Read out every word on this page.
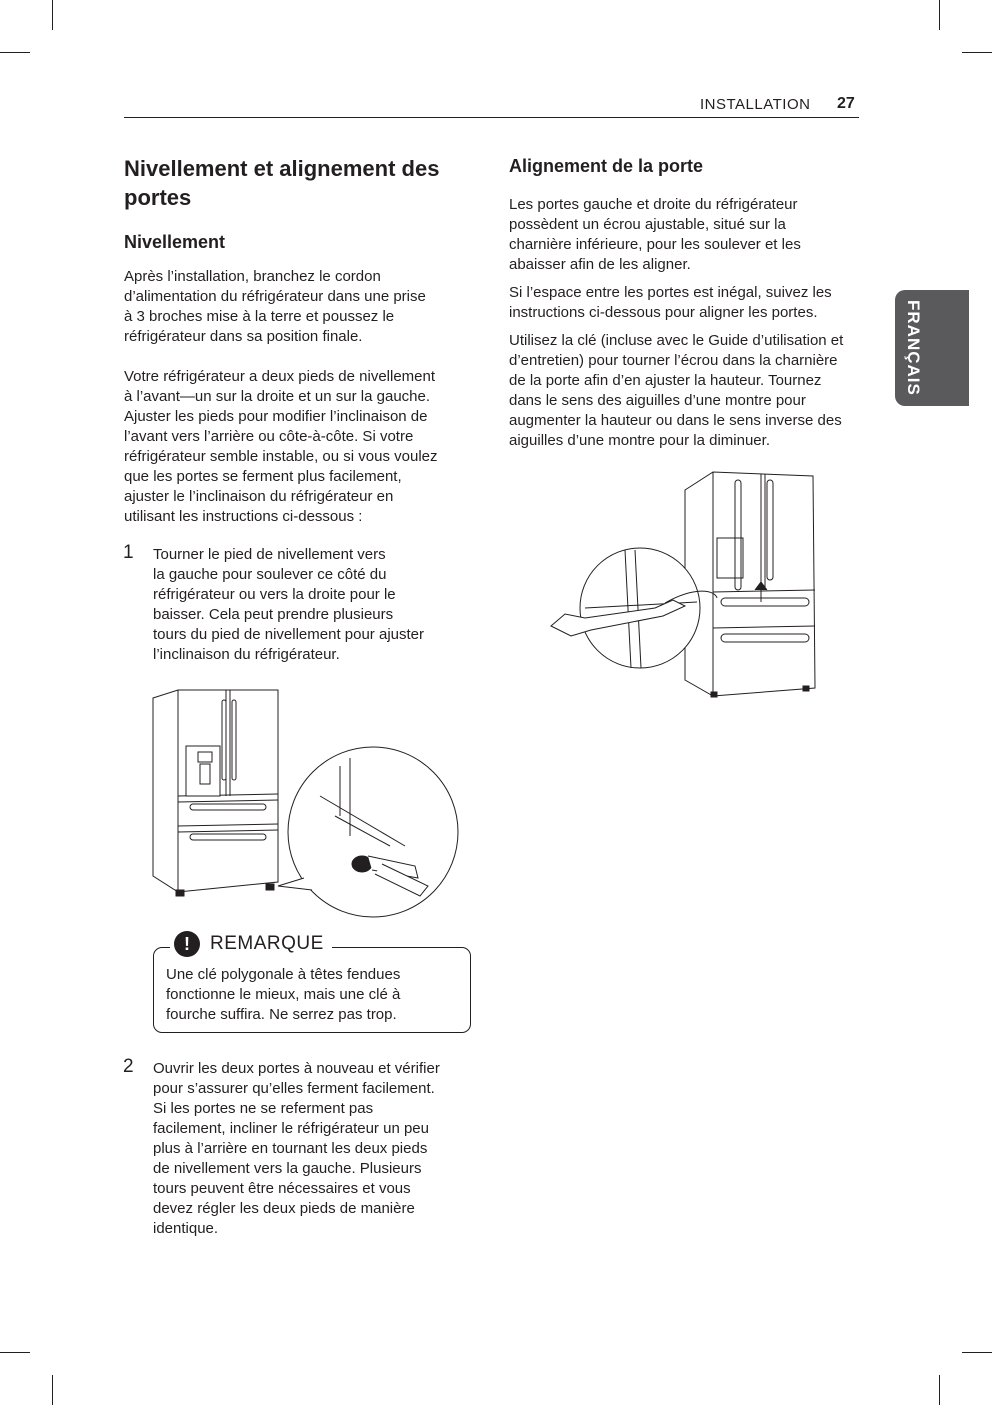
INSTALLATION 27
FRANÇAIS
Nivellement et alignement des
portes
Nivellement
Après l’installation, branchez le cordon
d’alimentation du réfrigérateur dans une prise
à 3 broches mise à la terre et poussez le
réfrigérateur dans sa position finale.
Votre réfrigérateur a deux pieds de nivellement
à l’avant—un sur la droite et un sur la gauche.
Ajuster les pieds pour modifier l’inclinaison de
l’avant vers l’arrière ou côte-à-côte. Si votre
réfrigérateur semble instable, ou si vous voulez
que les portes se ferment plus facilement,
ajuster le l’inclinaison du réfrigérateur en
utilisant les instructions ci-dessous :
1 Tourner le pied de nivellement vers
la gauche pour soulever ce côté du
réfrigérateur ou vers la droite pour le
baisser. Cela peut prendre plusieurs
tours du pied de nivellement pour ajuster
l’inclinaison du réfrigérateur.
!	REMARQUE
Une clé polygonale à têtes fendues
fonctionne le mieux, mais une clé à
fourche suffira. Ne serrez pas trop.
2 Ouvrir les deux portes à nouveau et vérifier
pour s’assurer qu’elles ferment facilement.
Si les portes ne se referment pas
facilement, incliner le réfrigérateur un peu
plus à l’arrière en tournant les deux pieds
de nivellement vers la gauche. Plusieurs
tours peuvent être nécessaires et vous
devez régler les deux pieds de manière
identique.
Alignement de la porte
Les portes gauche et droite du réfrigérateur
possèdent un écrou ajustable, situé sur la
charnière inférieure, pour les soulever et les
abaisser afin de les aligner.
Si l’espace entre les portes est inégal, suivez les
instructions ci-dessous pour aligner les portes.
Utilisez la clé (incluse avec le Guide d’utilisation et
d’entretien) pour tourner l’écrou dans la charnière
de la porte afin d’en ajuster la hauteur. Tournez
dans le sens des aiguilles d’une montre pour
augmenter la hauteur ou dans le sens inverse des
aiguilles d’une montre pour la diminuer.
